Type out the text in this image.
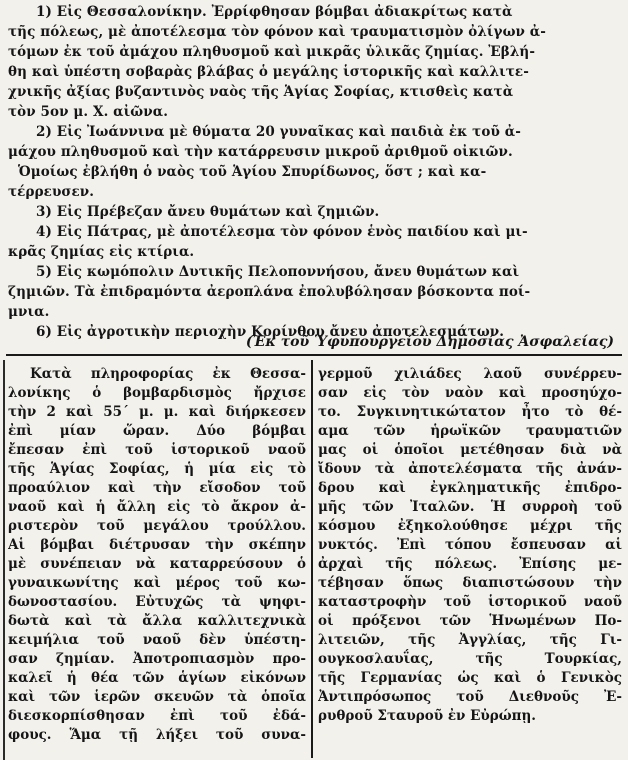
1) Εἰς Θεσσαλονίκην. Ἐρρίφθησαν βόμβαι ἀδιακρίτως κατὰ
τῆς πόλεως, μὲ ἀποτέλεσμα τὸν φόνον καὶ τραυματισμὸν ὀλίγων ἀ-
τόμων ἐκ τοῦ ἀμάχου πληθυσμοῦ καὶ μικρᾶς ὑλικᾶς ζημίας. Ἐβλή-
θη καὶ ὑπέστη σοβαρὰς βλάβας ὁ μεγάλης ἱστορικῆς καὶ καλλιτε-
χνικῆς ἀξίας βυζαντινὸς ναὸς τῆς Ἁγίας Σοφίας, κτισθεὶς κατὰ
τὸν 5ον μ. Χ. αἰῶνα.
2) Εἰς Ἰωάννινα μὲ θύματα 20 γυναῖκας καὶ παιδιὰ ἐκ τοῦ ἀ-
μάχου πληθυσμοῦ καὶ τὴν κατάρρευσιν μικροῦ ἀριθμοῦ οἰκιῶν.
Ὁμοίως ἐβλήθη ὁ ναὸς τοῦ Ἁγίου Σπυρίδωνος, ὅστ ; καὶ κα-
τέρρευσεν.
3) Εἰς Πρέβεζαν ἄνευ θυμάτων καὶ ζημιῶν.
4) Εἰς Πάτρας, μὲ ἀποτέλεσμα τὸν φόνον ἑνὸς παιδίου καὶ μι-
κρᾶς ζημίας εἰς κτίρια.
5) Εἰς κωμόπολιν Δυτικῆς Πελοποννήσου, ἄνευ θυμάτων καὶ
ζημιῶν. Τὰ ἐπιδραμόντα ἀεροπλάνα ἐπολυβόλησαν βόσκοντα ποί-
μνια.
6) Εἰς ἀγροτικὴν περιοχὴν Κορίνθου ἄνευ ἀποτελεσμάτων.
(Ἐκ τοῦ Ὑφυπουργείου Δημοσίας Ἀσφαλείας)
Κατὰ πληροφορίας ἐκ Θεσσα-
λονίκης ὁ βομβαρδισμὸς ἤρχισε
τὴν 2 καὶ 55΄ μ. μ. καὶ διήρκεσεν
ἐπὶ μίαν ὥραν. Δύο βόμβαι
ἔπεσαν ἐπὶ τοῦ ἱστορικοῦ ναοῦ
τῆς Ἁγίας Σοφίας, ἡ μία εἰς τὸ
προαύλιον καὶ τὴν εἴσοδον τοῦ
ναοῦ καὶ ἡ ἄλλη εἰς τὸ ἄκρον ἀ-
ριστερὸν τοῦ μεγάλου τρούλλου.
Αἱ βόμβαι διέτρυσαν τὴν σκέπην
μὲ συνέπειαν νὰ καταρρεύσουν ὁ
γυναικωνίτης καὶ μέρος τοῦ κω-
δωνοστασίου. Εὐτυχῶς τὰ ψηφι-
δωτὰ καὶ τὰ ἄλλα καλλιτεχνικὰ
κειμήλια τοῦ ναοῦ δὲν ὑπέστη-
σαν ζημίαν. Ἀποτροπιασμὸν προ-
καλεῖ ἡ θέα τῶν ἁγίων εἰκόνων
καὶ τῶν ἱερῶν σκευῶν τὰ ὁποῖα
διεσκορπίσθησαν ἐπὶ τοῦ ἐδά-
φους. Ἅμα τῇ λήξει τοῦ συνα-
γερμοῦ χιλιάδες λαοῦ συνέρρευ-
σαν εἰς τὸν ναὸν καὶ προσηύχο-
το. Συγκινητικώτατον ἦτο τὸ θέ-
αμα τῶν ἡρωϊκῶν τραυματιῶν
μας οἱ ὁποῖοι μετέθησαν διὰ νὰ
ἴδουν τὰ ἀποτελέσματα τῆς ἀνάν-
δρου καὶ ἐγκληματικῆς ἐπιδρο-
μῆς τῶν Ἰταλῶν. Ἡ συρροὴ τοῦ
κόσμου ἐξηκολούθησε μέχρι τῆς
νυκτός. Ἐπὶ τόπου ἔσπευσαν αἱ
ἀρχαὶ τῆς πόλεως. Ἐπίσης με-
τέβησαν ὅπως διαπιστώσουν τὴν
καταστροφὴν τοῦ ἱστορικοῦ ναοῦ
οἱ πρόξενοι τῶν Ἡνωμένων Πο-
λιτειῶν, τῆς Ἀγγλίας, τῆς Γι-
ουγκοσλαυΐας, τῆς Τουρκίας,
τῆς Γερμανίας ὡς καὶ ὁ Γενικὸς
Ἀντιπρόσωπος τοῦ Διεθνοῦς Ἐ-
ρυθροῦ Σταυροῦ ἐν Εὐρώπῃ.
